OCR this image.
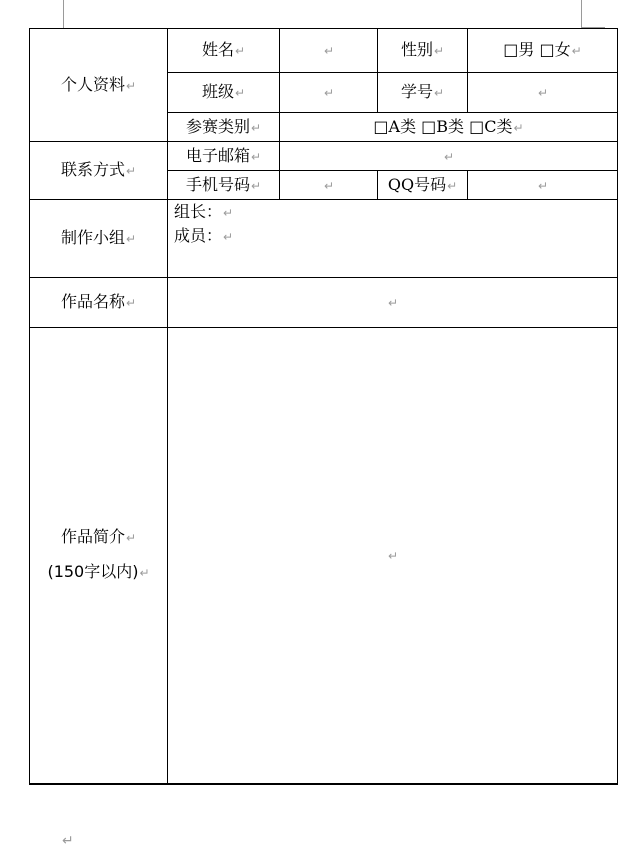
个人资料↵	姓名↵	↵	性别↵	□男 □女↵
	班级↵	↵	学号↵	↵
	参赛类别↵	□A类 □B类 □C类↵		
联系方式↵	电子邮箱↵	↵		
	手机号码↵	↵	QQ号码↵	↵
制作小组↵	组长：↵
成员：↵			

作品名称↵	↵			

作品简介↵
(150字以内)↵	↵			
↵
